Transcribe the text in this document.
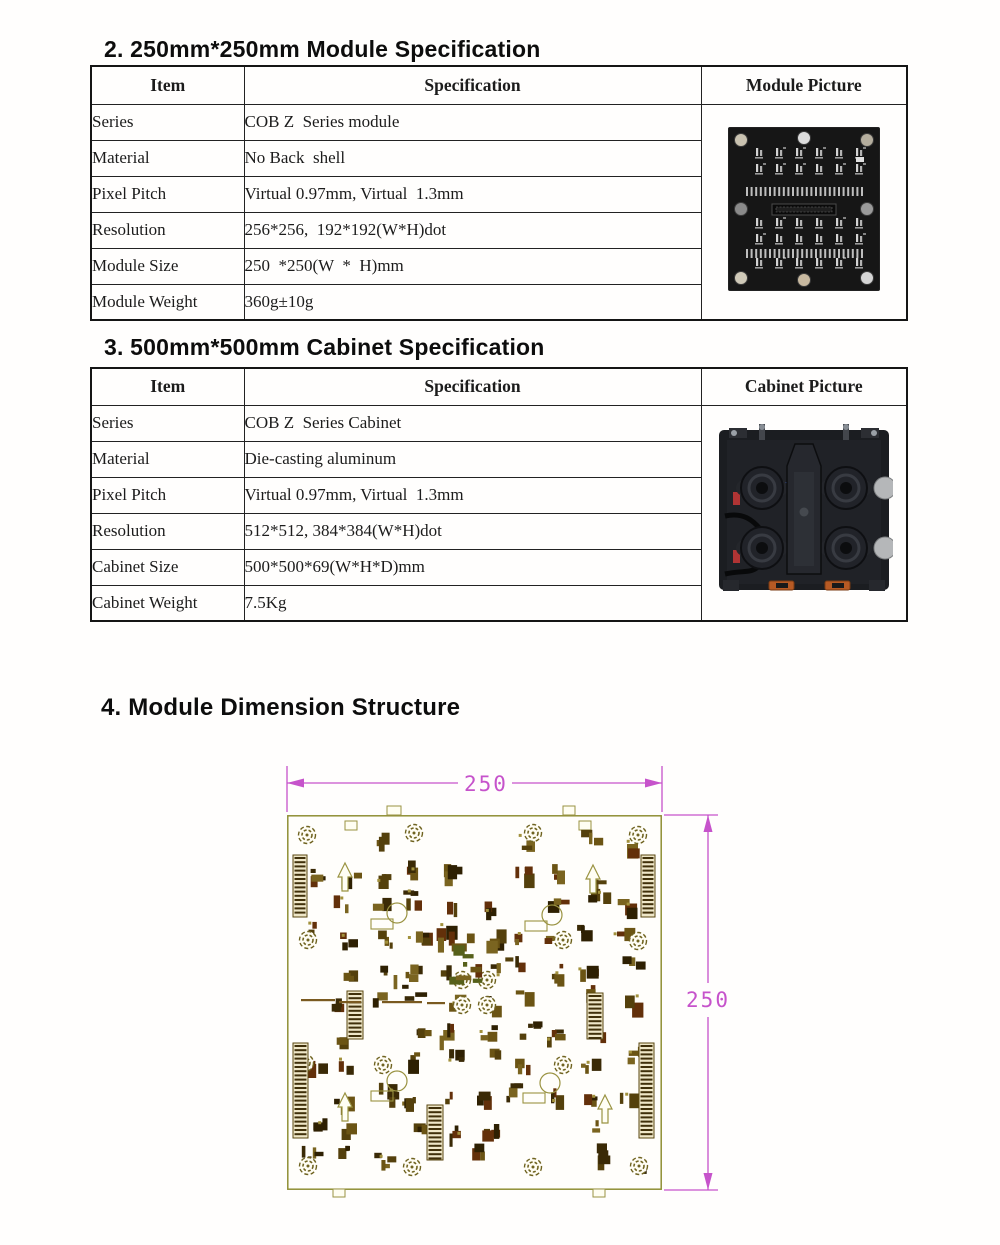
2. 250mm*250mm Module Specification
Item	Specification	Module Picture
Series	COB Z  Series module	
Material	No Back  shell	
Pixel Pitch	Virtual 0.97mm, Virtual  1.3mm	
Resolution	256*256,  192*192(W*H)dot	
Module Size	250  *250(W  *  H)mm	
Module Weight	360g±10g	
3. 500mm*500mm Cabinet Specification
Item	Specification	Cabinet Picture
Series	COB Z  Series Cabinet	
Material	Die-casting aluminum	
Pixel Pitch	Virtual 0.97mm, Virtual  1.3mm	
Resolution	512*512, 384*384(W*H)dot	
Cabinet Size	500*500*69(W*H*D)mm	
Cabinet Weight	7.5Kg	
4. Module Dimension Structure
250
250
